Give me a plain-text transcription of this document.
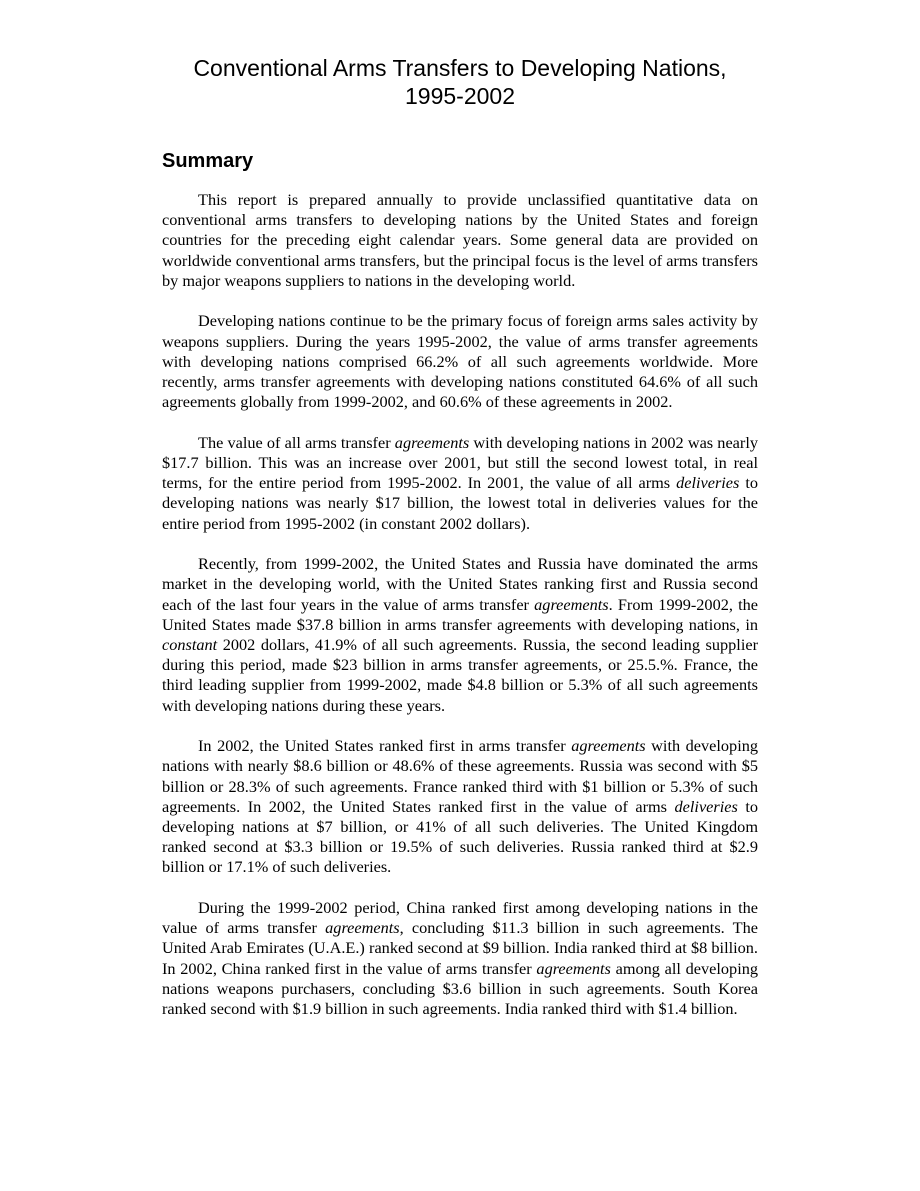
Conventional Arms Transfers to Developing Nations,
1995-2002
Summary

This report is prepared annually to provide unclassified quantitative data on conventional arms transfers to developing nations by the United States and foreign countries for the preceding eight calendar years. Some general data are provided on worldwide conventional arms transfers, but the principal focus is the level of arms transfers by major weapons suppliers to nations in the developing world.

Developing nations continue to be the primary focus of foreign arms sales activity by weapons suppliers. During the years 1995-2002, the value of arms transfer agreements with developing nations comprised 66.2% of all such agreements worldwide. More recently, arms transfer agreements with developing nations constituted 64.6% of all such agreements globally from 1999-2002, and 60.6% of these agreements in 2002.

The value of all arms transfer agreements with developing nations in 2002 was nearly $17.7 billion. This was an increase over 2001, but still the second lowest total, in real terms, for the entire period from 1995-2002. In 2001, the value of all arms deliveries to developing nations was nearly $17 billion, the lowest total in deliveries values for the entire period from 1995-2002 (in constant 2002 dollars).

Recently, from 1999-2002, the United States and Russia have dominated the arms market in the developing world, with the United States ranking first and Russia second each of the last four years in the value of arms transfer agreements. From 1999-2002, the United States made $37.8 billion in arms transfer agreements with developing nations, in constant 2002 dollars, 41.9% of all such agreements. Russia, the second leading supplier during this period, made $23 billion in arms transfer agreements, or 25.5.%. France, the third leading supplier from 1999-2002, made $4.8 billion or 5.3% of all such agreements with developing nations during these years.

In 2002, the United States ranked first in arms transfer agreements with developing nations with nearly $8.6 billion or 48.6% of these agreements. Russia was second with $5 billion or 28.3% of such agreements. France ranked third with $1 billion or 5.3% of such agreements. In 2002, the United States ranked first in the value of arms deliveries to developing nations at $7 billion, or 41% of all such deliveries. The United Kingdom ranked second at $3.3 billion or 19.5% of such deliveries. Russia ranked third at $2.9 billion or 17.1% of such deliveries.

During the 1999-2002 period, China ranked first among developing nations in the value of arms transfer agreements, concluding $11.3 billion in such agreements. The United Arab Emirates (U.A.E.) ranked second at $9 billion. India ranked third at $8 billion. In 2002, China ranked first in the value of arms transfer agreements among all developing nations weapons purchasers, concluding $3.6 billion in such agreements. South Korea ranked second with $1.9 billion in such agreements. India ranked third with $1.4 billion.
